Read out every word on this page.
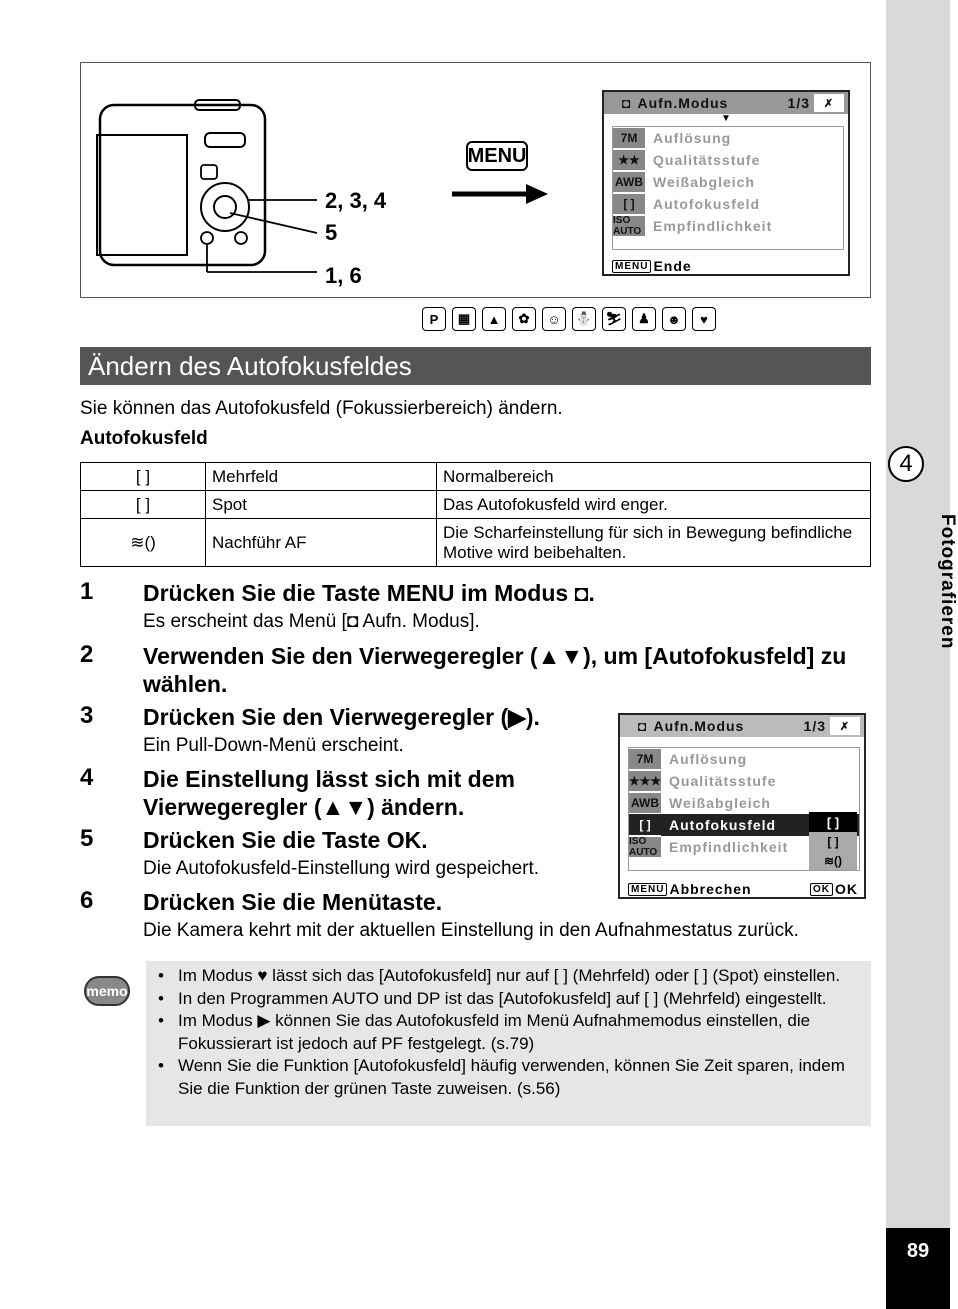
4
Fotografieren
89
2, 3, 4
5
1, 6
MENU
◘ Aufn.Modus	1/3	✗
▼
7M	Auflösung
★★ Qualitätsstufe
AWB Weißabgleich
[ ]	Autofokusfeld
ISO AUTO Empfindlichkeit
MENU Ende
P	▦	▲	✿	☺	⛄	⛷	♟	☻	♥
Ändern des Autofokusfeldes
Sie können das Autofokusfeld (Fokussierbereich) ändern.
Autofokusfeld
[ ]	Mehrfeld	Normalbereich
[ ]	Spot	Das Autofokusfeld wird enger.
≋()	Nachführ AF	Die Scharfeinstellung für sich in Bewegung befindliche Motive wird beibehalten.
1 Drücken Sie die Taste MENU im Modus ◘.
Es erscheint das Menü [◘ Aufn. Modus].
2 Verwenden Sie den Vierwegeregler (▲▼), um [Autofokusfeld] zu wählen.
3 Drücken Sie den Vierwegeregler (▶).
Ein Pull-Down-Menü erscheint.
4 Die Einstellung lässt sich mit dem Vierwegeregler (▲▼) ändern.
5 Drücken Sie die Taste OK.
Die Autofokusfeld-Einstellung wird gespeichert.
6 Drücken Sie die Menütaste.
Die Kamera kehrt mit der aktuellen Einstellung in den Aufnahmestatus zurück.
◘ Aufn.Modus	1/3	✗
7M	Auflösung
★★★ Qualitätsstufe
AWB Weißabgleich
[ ]	Autofokusfeld
ISO AUTO Empfindlichkeit
[ ]
[ ]
≋()
MENU Abbrechen	OK OK
memo
• Im Modus ♥ lässt sich das [Autofokusfeld] nur auf [ ] (Mehrfeld) oder [ ] (Spot) einstellen.
• In den Programmen AUTO und DP ist das [Autofokusfeld] auf [ ] (Mehrfeld) eingestellt.
• Im Modus ▶ können Sie das Autofokusfeld im Menü Aufnahmemodus einstellen, die Fokussierart ist jedoch auf PF festgelegt. (s.79)
• Wenn Sie die Funktion [Autofokusfeld] häufig verwenden, können Sie Zeit sparen, indem Sie die Funktion der grünen Taste zuweisen. (s.56)
